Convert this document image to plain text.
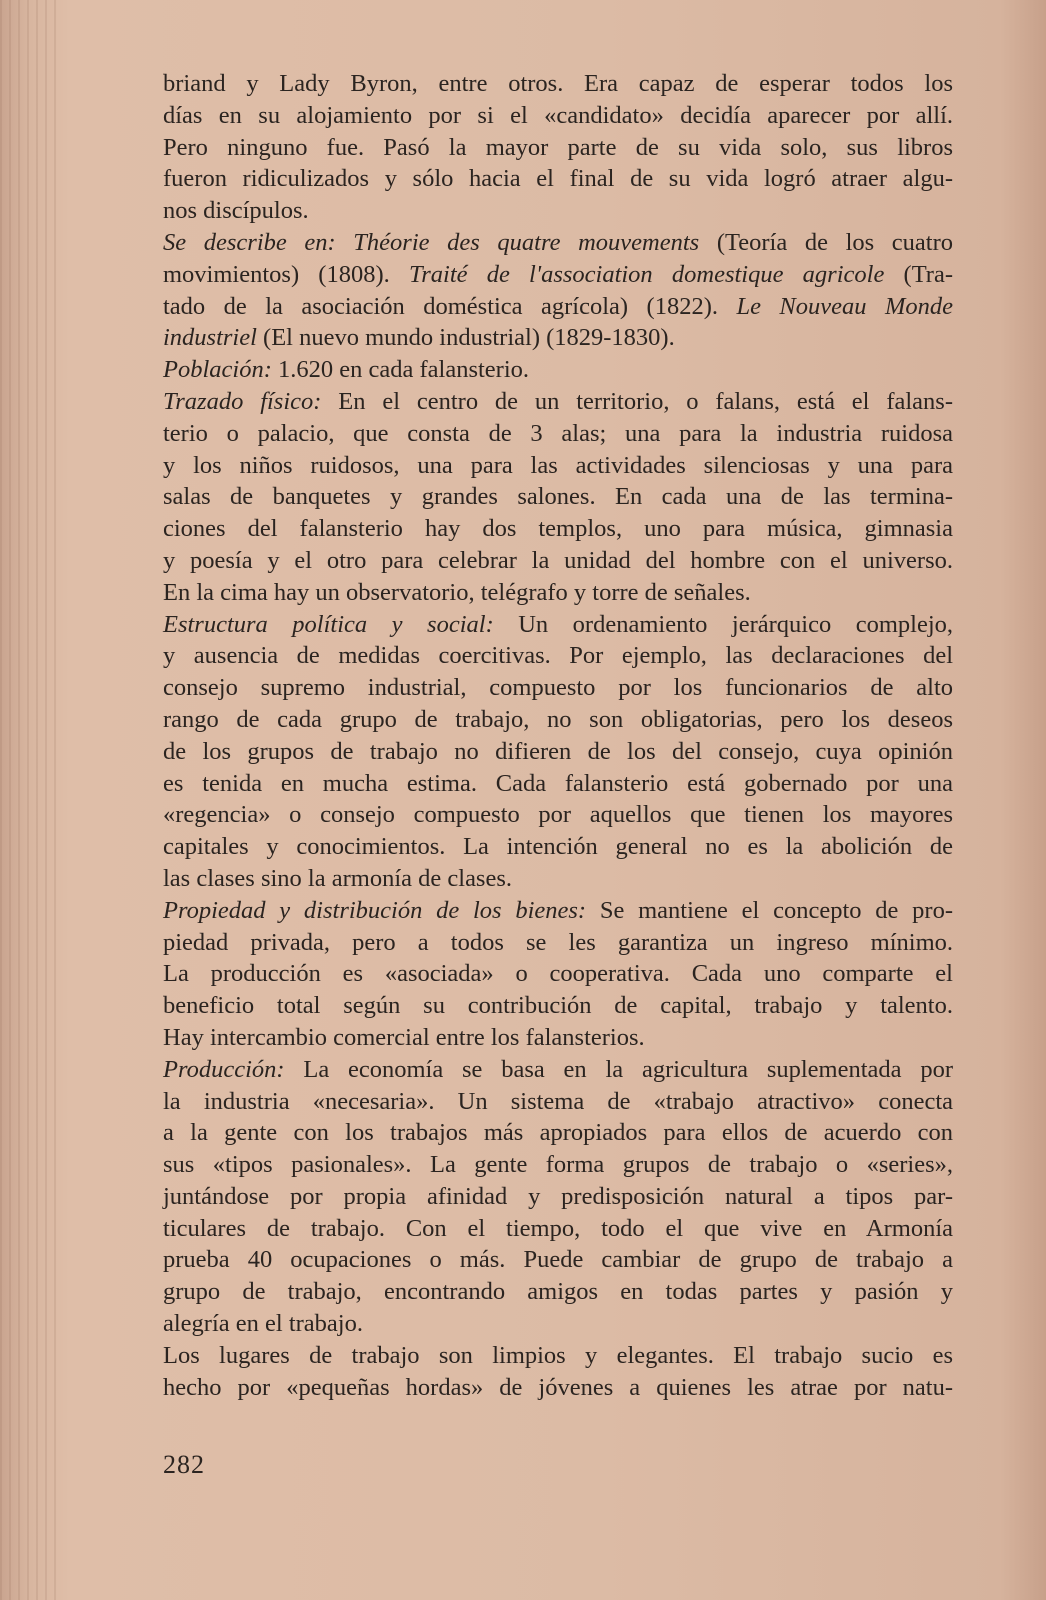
briand y Lady Byron, entre otros. Era capaz de esperar todos los
días en su alojamiento por si el «candidato» decidía aparecer por allí.
Pero ninguno fue. Pasó la mayor parte de su vida solo, sus libros
fueron ridiculizados y sólo hacia el final de su vida logró atraer algu-
nos discípulos.
Se describe en: Théorie des quatre mouvements (Teoría de los cuatro
movimientos) (1808). Traité de l'association domestique agricole (Tra-
tado de la asociación doméstica agrícola) (1822). Le Nouveau Monde
industriel (El nuevo mundo industrial) (1829-1830).
Población: 1.620 en cada falansterio.
Trazado físico: En el centro de un territorio, o falans, está el falans-
terio o palacio, que consta de 3 alas; una para la industria ruidosa
y los niños ruidosos, una para las actividades silenciosas y una para
salas de banquetes y grandes salones. En cada una de las termina-
ciones del falansterio hay dos templos, uno para música, gimnasia
y poesía y el otro para celebrar la unidad del hombre con el universo.
En la cima hay un observatorio, telégrafo y torre de señales.
Estructura política y social: Un ordenamiento jerárquico complejo,
y ausencia de medidas coercitivas. Por ejemplo, las declaraciones del
consejo supremo industrial, compuesto por los funcionarios de alto
rango de cada grupo de trabajo, no son obligatorias, pero los deseos
de los grupos de trabajo no difieren de los del consejo, cuya opinión
es tenida en mucha estima. Cada falansterio está gobernado por una
«regencia» o consejo compuesto por aquellos que tienen los mayores
capitales y conocimientos. La intención general no es la abolición de
las clases sino la armonía de clases.
Propiedad y distribución de los bienes: Se mantiene el concepto de pro-
piedad privada, pero a todos se les garantiza un ingreso mínimo.
La producción es «asociada» o cooperativa. Cada uno comparte el
beneficio total según su contribución de capital, trabajo y talento.
Hay intercambio comercial entre los falansterios.
Producción: La economía se basa en la agricultura suplementada por
la industria «necesaria». Un sistema de «trabajo atractivo» conecta
a la gente con los trabajos más apropiados para ellos de acuerdo con
sus «tipos pasionales». La gente forma grupos de trabajo o «series»,
juntándose por propia afinidad y predisposición natural a tipos par-
ticulares de trabajo. Con el tiempo, todo el que vive en Armonía
prueba 40 ocupaciones o más. Puede cambiar de grupo de trabajo a
grupo de trabajo, encontrando amigos en todas partes y pasión y
alegría en el trabajo.
Los lugares de trabajo son limpios y elegantes. El trabajo sucio es
hecho por «pequeñas hordas» de jóvenes a quienes les atrae por natu-
282
